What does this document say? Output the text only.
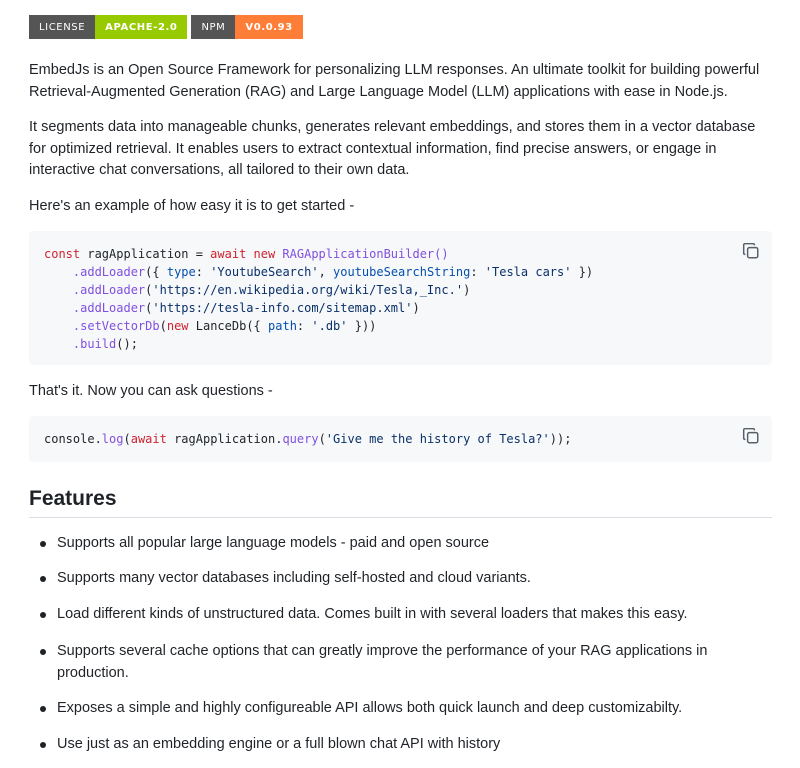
LICENSE	APACHE-2.0	NPM	V0.0.93

EmbedJs is an Open Source Framework for personalizing LLM responses. An ultimate toolkit for building powerful Retrieval-Augmented Generation (RAG) and Large Language Model (LLM) applications with ease in Node.js.

It segments data into manageable chunks, generates relevant embeddings, and stores them in a vector database for optimized retrieval. It enables users to extract contextual information, find precise answers, or engage in interactive chat conversations, all tailored to their own data.

Here's an example of how easy it is to get started -

const ragApplication = await new RAGApplicationBuilder()
.addLoader({ type: 'YoutubeSearch', youtubeSearchString: 'Tesla cars' })
.addLoader('https://en.wikipedia.org/wiki/Tesla,_Inc.')
.addLoader('https://tesla-info.com/sitemap.xml')
.setVectorDb(new LanceDb({ path: '.db' }))
.build();

That's it. Now you can ask questions -

console.log(await ragApplication.query('Give me the history of Tesla?'));
Features
Supports all popular large language models - paid and open source
Supports many vector databases including self-hosted and cloud variants.
Load different kinds of unstructured data. Comes built in with several loaders that makes this easy.
Supports several cache options that can greatly improve the performance of your RAG applications in production.
Exposes a simple and highly configureable API allows both quick launch and deep customizabilty.
Use just as an embedding engine or a full blown chat API with history
